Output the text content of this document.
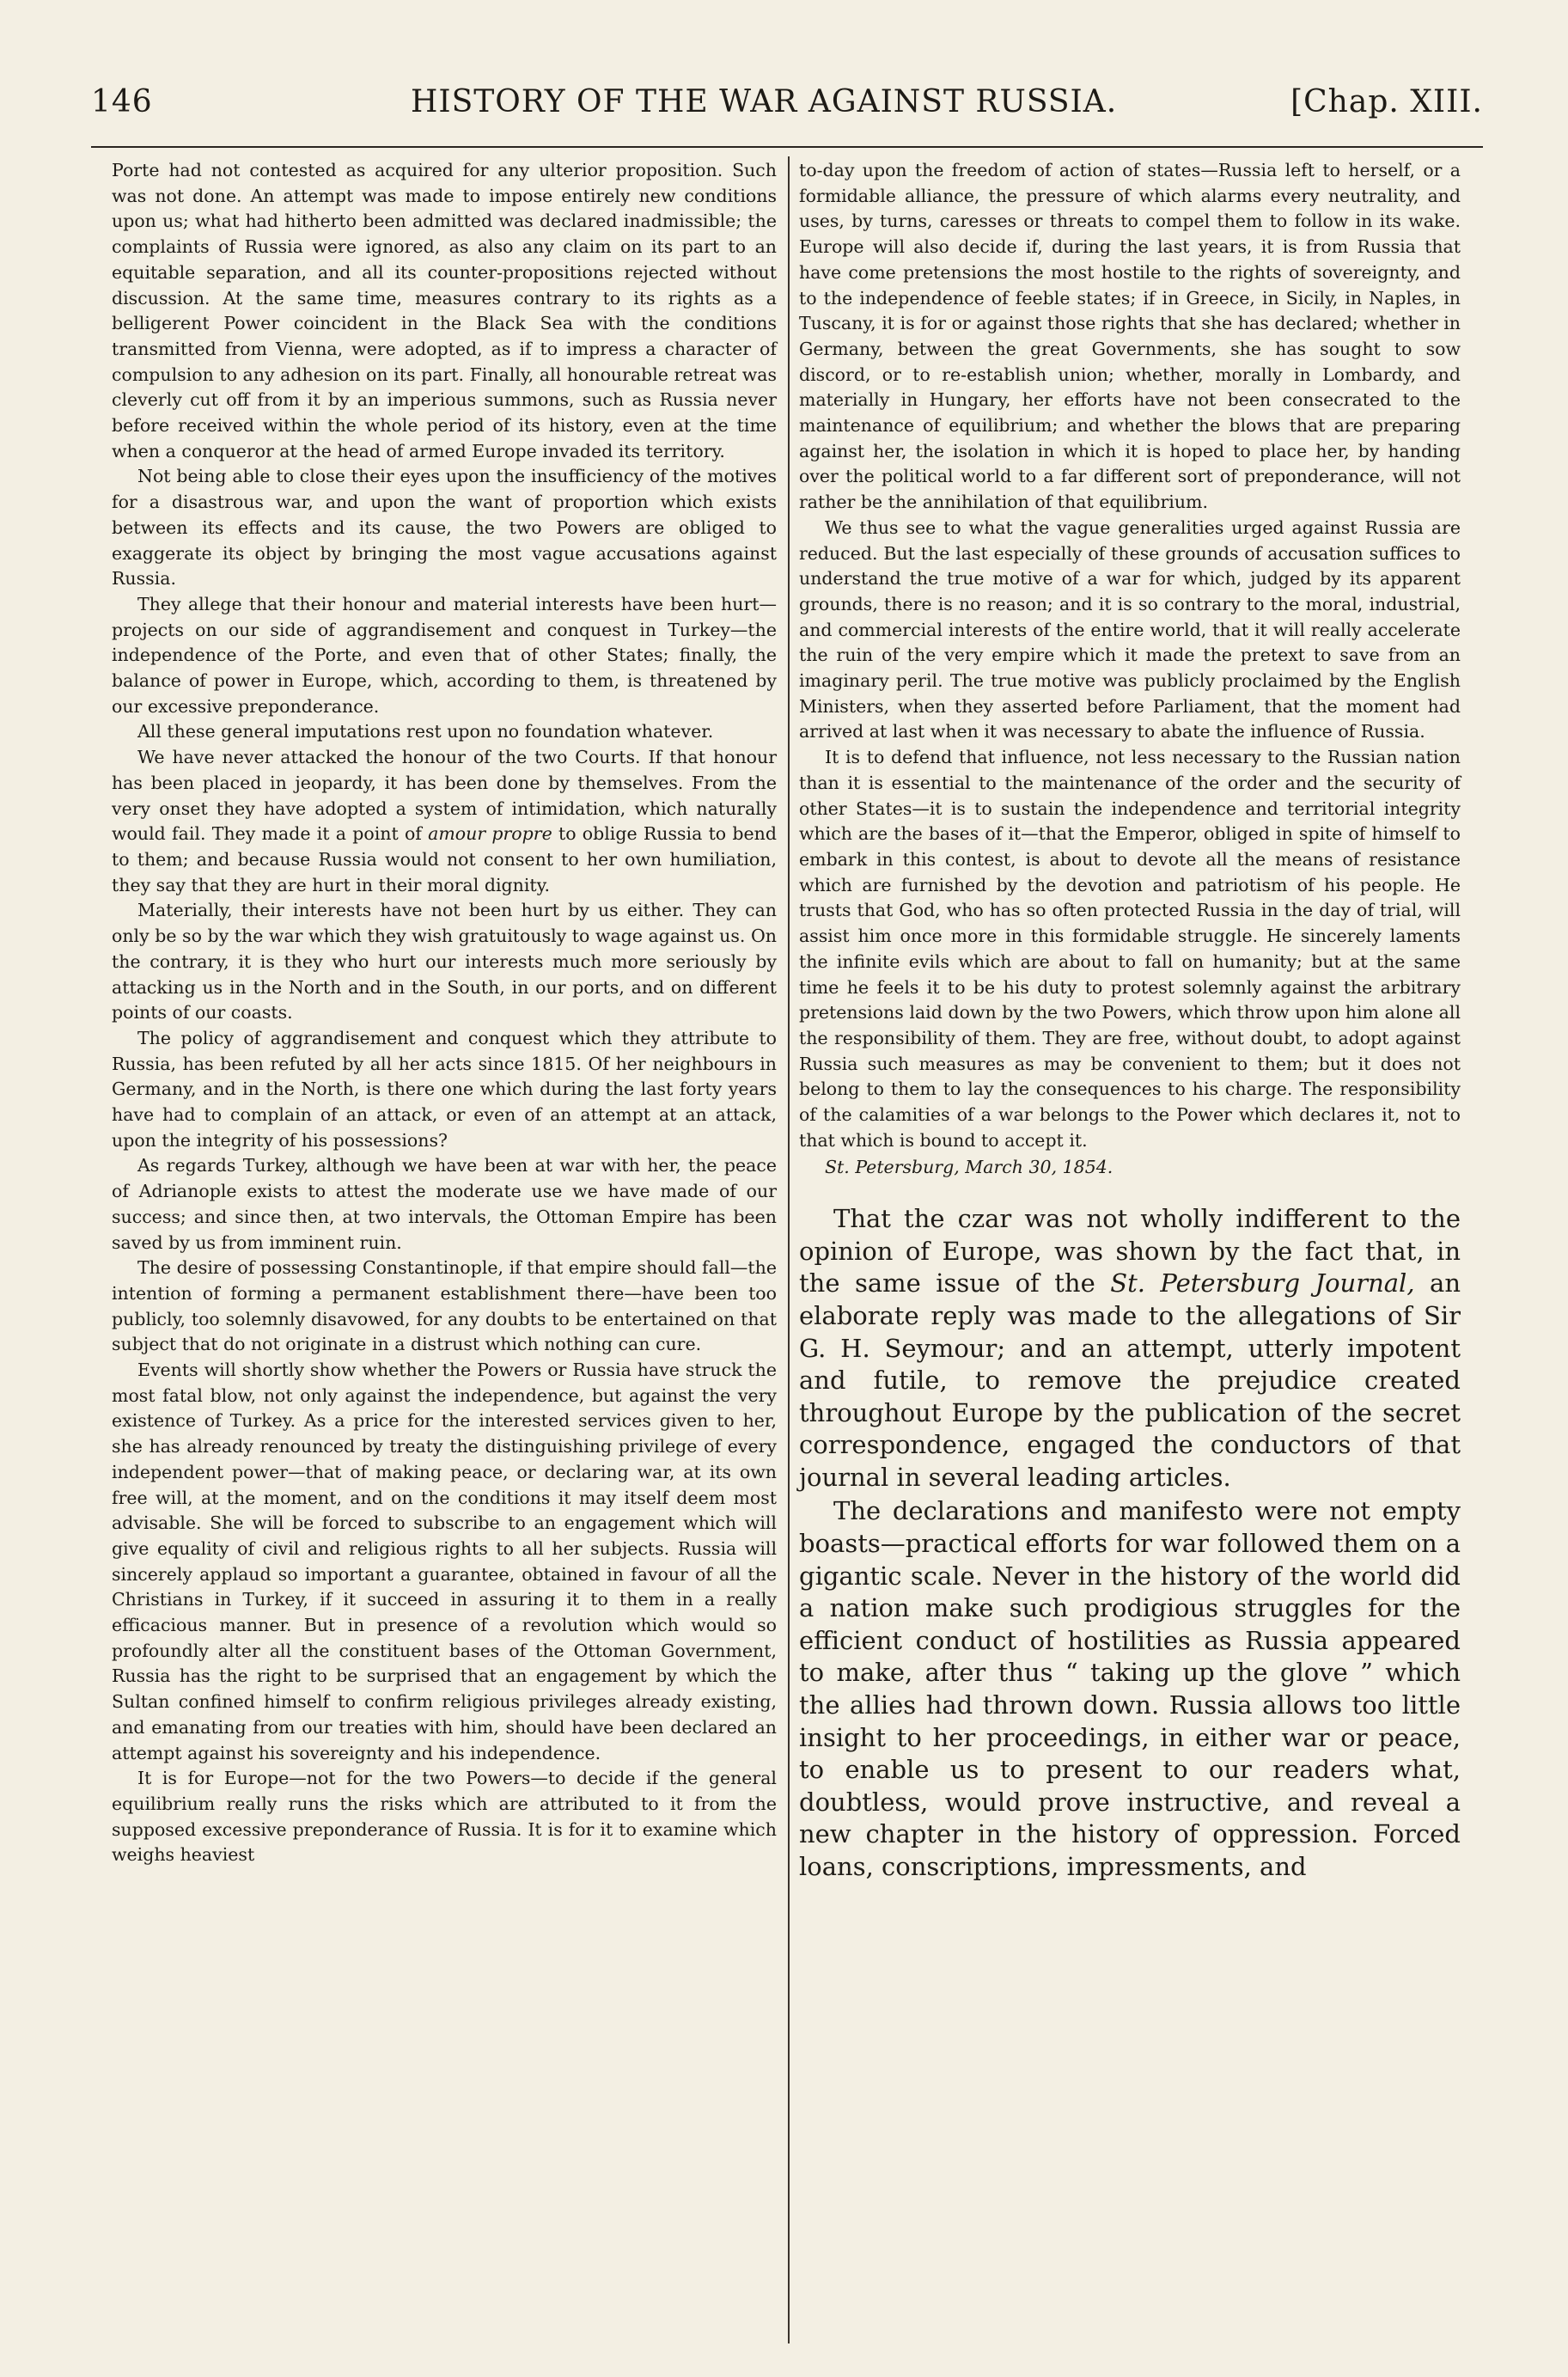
146	HISTORY OF THE WAR AGAINST RUSSIA.	[Chap. XIII.

Porte had not contested as acquired for any ulterior proposition. Such was not done. An attempt was made to impose entirely new conditions upon us; what had hitherto been admitted was declared inadmissible; the complaints of Russia were ignored, as also any claim on its part to an equitable separation, and all its counter-propositions rejected without discussion. At the same time, measures contrary to its rights as a belligerent Power coincident in the Black Sea with the conditions transmitted from Vienna, were adopted, as if to impress a character of compulsion to any adhesion on its part. Finally, all honourable retreat was cleverly cut off from it by an imperious summons, such as Russia never before received within the whole period of its history, even at the time when a conqueror at the head of armed Europe invaded its territory.

Not being able to close their eyes upon the insufficiency of the motives for a disastrous war, and upon the want of proportion which exists between its effects and its cause, the two Powers are obliged to exaggerate its object by bringing the most vague accusations against Russia.

They allege that their honour and material interests have been hurt—projects on our side of aggrandisement and conquest in Turkey—the independence of the Porte, and even that of other States; finally, the balance of power in Europe, which, according to them, is threatened by our excessive preponderance.

All these general imputations rest upon no foundation whatever.

We have never attacked the honour of the two Courts. If that honour has been placed in jeopardy, it has been done by themselves. From the very onset they have adopted a system of intimidation, which naturally would fail. They made it a point of amour propre to oblige Russia to bend to them; and because Russia would not consent to her own humiliation, they say that they are hurt in their moral dignity.

Materially, their interests have not been hurt by us either. They can only be so by the war which they wish gratuitously to wage against us. On the contrary, it is they who hurt our interests much more seriously by attacking us in the North and in the South, in our ports, and on different points of our coasts.

The policy of aggrandisement and conquest which they attribute to Russia, has been refuted by all her acts since 1815. Of her neighbours in Germany, and in the North, is there one which during the last forty years have had to complain of an attack, or even of an attempt at an attack, upon the integrity of his possessions?

As regards Turkey, although we have been at war with her, the peace of Adrianople exists to attest the moderate use we have made of our success; and since then, at two intervals, the Ottoman Empire has been saved by us from imminent ruin.

The desire of possessing Constantinople, if that empire should fall—the intention of forming a permanent establishment there—have been too publicly, too solemnly disavowed, for any doubts to be entertained on that subject that do not originate in a distrust which nothing can cure.

Events will shortly show whether the Powers or Russia have struck the most fatal blow, not only against the independence, but against the very existence of Turkey. As a price for the interested services given to her, she has already renounced by treaty the distinguishing privilege of every independent power—that of making peace, or declaring war, at its own free will, at the moment, and on the conditions it may itself deem most advisable. She will be forced to subscribe to an engagement which will give equality of civil and religious rights to all her subjects. Russia will sincerely applaud so important a guarantee, obtained in favour of all the Christians in Turkey, if it succeed in assuring it to them in a really efficacious manner. But in presence of a revolution which would so profoundly alter all the constituent bases of the Ottoman Government, Russia has the right to be surprised that an engagement by which the Sultan confined himself to confirm religious privileges already existing, and emanating from our treaties with him, should have been declared an attempt against his sovereignty and his independence.

It is for Europe—not for the two Powers—to decide if the general equilibrium really runs the risks which are attributed to it from the supposed excessive preponderance of Russia. It is for it to examine which weighs heaviest

to-day upon the freedom of action of states—Russia left to herself, or a formidable alliance, the pressure of which alarms every neutrality, and uses, by turns, caresses or threats to compel them to follow in its wake. Europe will also decide if, during the last years, it is from Russia that have come pretensions the most hostile to the rights of sovereignty, and to the independence of feeble states; if in Greece, in Sicily, in Naples, in Tuscany, it is for or against those rights that she has declared; whether in Germany, between the great Governments, she has sought to sow discord, or to re-establish union; whether, morally in Lombardy, and materially in Hungary, her efforts have not been consecrated to the maintenance of equilibrium; and whether the blows that are preparing against her, the isolation in which it is hoped to place her, by handing over the political world to a far different sort of preponderance, will not rather be the annihilation of that equilibrium.

We thus see to what the vague generalities urged against Russia are reduced. But the last especially of these grounds of accusation suffices to understand the true motive of a war for which, judged by its apparent grounds, there is no reason; and it is so contrary to the moral, industrial, and commercial interests of the entire world, that it will really accelerate the ruin of the very empire which it made the pretext to save from an imaginary peril. The true motive was publicly proclaimed by the English Ministers, when they asserted before Parliament, that the moment had arrived at last when it was necessary to abate the influence of Russia.

It is to defend that influence, not less necessary to the Russian nation than it is essential to the maintenance of the order and the security of other States—it is to sustain the independence and territorial integrity which are the bases of it—that the Emperor, obliged in spite of himself to embark in this contest, is about to devote all the means of resistance which are furnished by the devotion and patriotism of his people. He trusts that God, who has so often protected Russia in the day of trial, will assist him once more in this formidable struggle. He sincerely laments the infinite evils which are about to fall on humanity; but at the same time he feels it to be his duty to protest solemnly against the arbitrary pretensions laid down by the two Powers, which throw upon him alone all the responsibility of them. They are free, without doubt, to adopt against Russia such measures as may be convenient to them; but it does not belong to them to lay the consequences to his charge. The responsibility of the calamities of a war belongs to the Power which declares it, not to that which is bound to accept it.

St. Petersburg, March 30, 1854.

That the czar was not wholly indifferent to the opinion of Europe, was shown by the fact that, in the same issue of the St. Petersburg Journal, an elaborate reply was made to the allegations of Sir G. H. Seymour; and an attempt, utterly impotent and futile, to remove the prejudice created throughout Europe by the publication of the secret correspondence, engaged the conductors of that journal in several leading articles.

The declarations and manifesto were not empty boasts—practical efforts for war followed them on a gigantic scale. Never in the history of the world did a nation make such prodigious struggles for the efficient conduct of hostilities as Russia appeared to make, after thus “ taking up the glove ” which the allies had thrown down. Russia allows too little insight to her proceedings, in either war or peace, to enable us to present to our readers what, doubtless, would prove instructive, and reveal a new chapter in the history of oppression. Forced loans, conscriptions, impressments, and
